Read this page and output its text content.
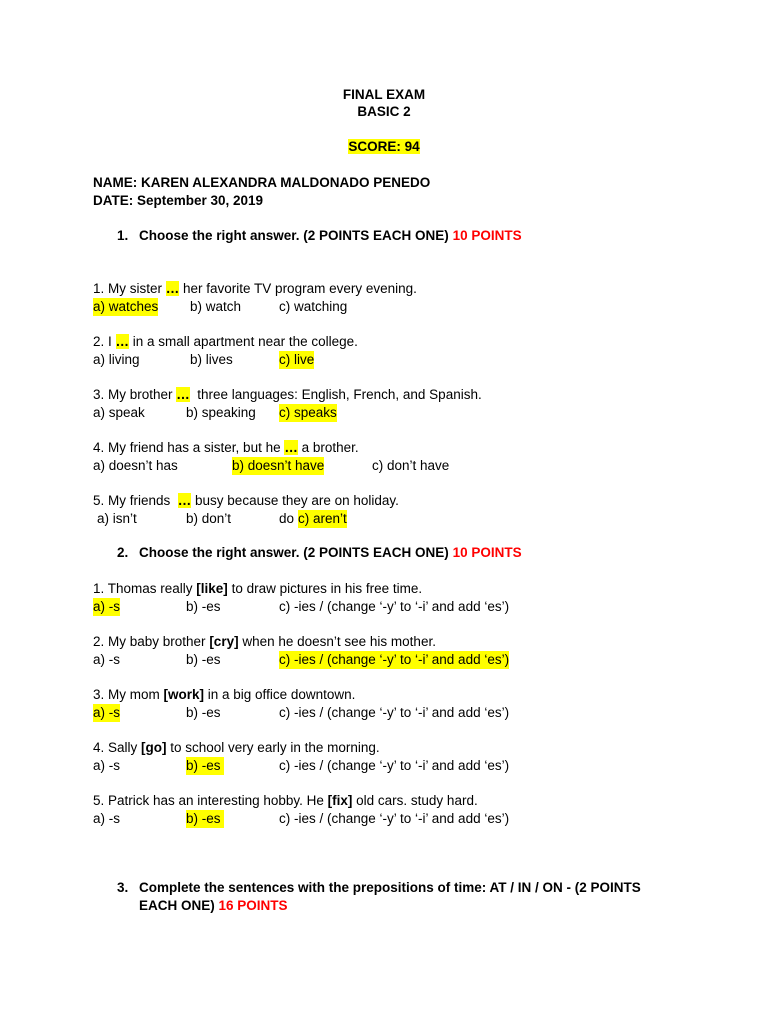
FINAL EXAM
BASIC 2
SCORE: 94
NAME: KAREN ALEXANDRA MALDONADO PENEDO
DATE: September 30, 2019
1. Choose the right answer. (2 POINTS EACH ONE) 10 POINTS
1. My sister … her favorite TV program every evening.
a) watches b) watch	c) watching
2. I … in a small apartment near the college.
a) living	b) lives	c) live
3. My brother …  three languages: English, French, and Spanish.
a) speak	b) speaking c) speaks
4. My friend has a sister, but he … a brother.
a) doesn’t has	b) doesn’t have	c) don’t have
5. My friends  … busy because they are on holiday.
a) isn’t	b) don’t	do c) aren’t
2. Choose the right answer. (2 POINTS EACH ONE) 10 POINTS
1. Thomas really [like] to draw pictures in his free time.
a) -s	b) -es	c) -ies / (change ‘-y’ to ‘-i’ and add ‘es’)
2. My baby brother [cry] when he doesn’t see his mother.
a) -s	b) -es	c) -ies / (change ‘-y’ to ‘-i’ and add ‘es’)
3. My mom [work] in a big office downtown.
a) -s	b) -es	c) -ies / (change ‘-y’ to ‘-i’ and add ‘es’)
4. Sally [go] to school very early in the morning.
a) -s	b) -es	c) -ies / (change ‘-y’ to ‘-i’ and add ‘es’)
5. Patrick has an interesting hobby. He [fix] old cars. study hard.
a) -s	b) -es	c) -ies / (change ‘-y’ to ‘-i’ and add ‘es’)
3. Complete the sentences with the prepositions of time: AT / IN / ON - (2 POINTS
EACH ONE) 16 POINTS
